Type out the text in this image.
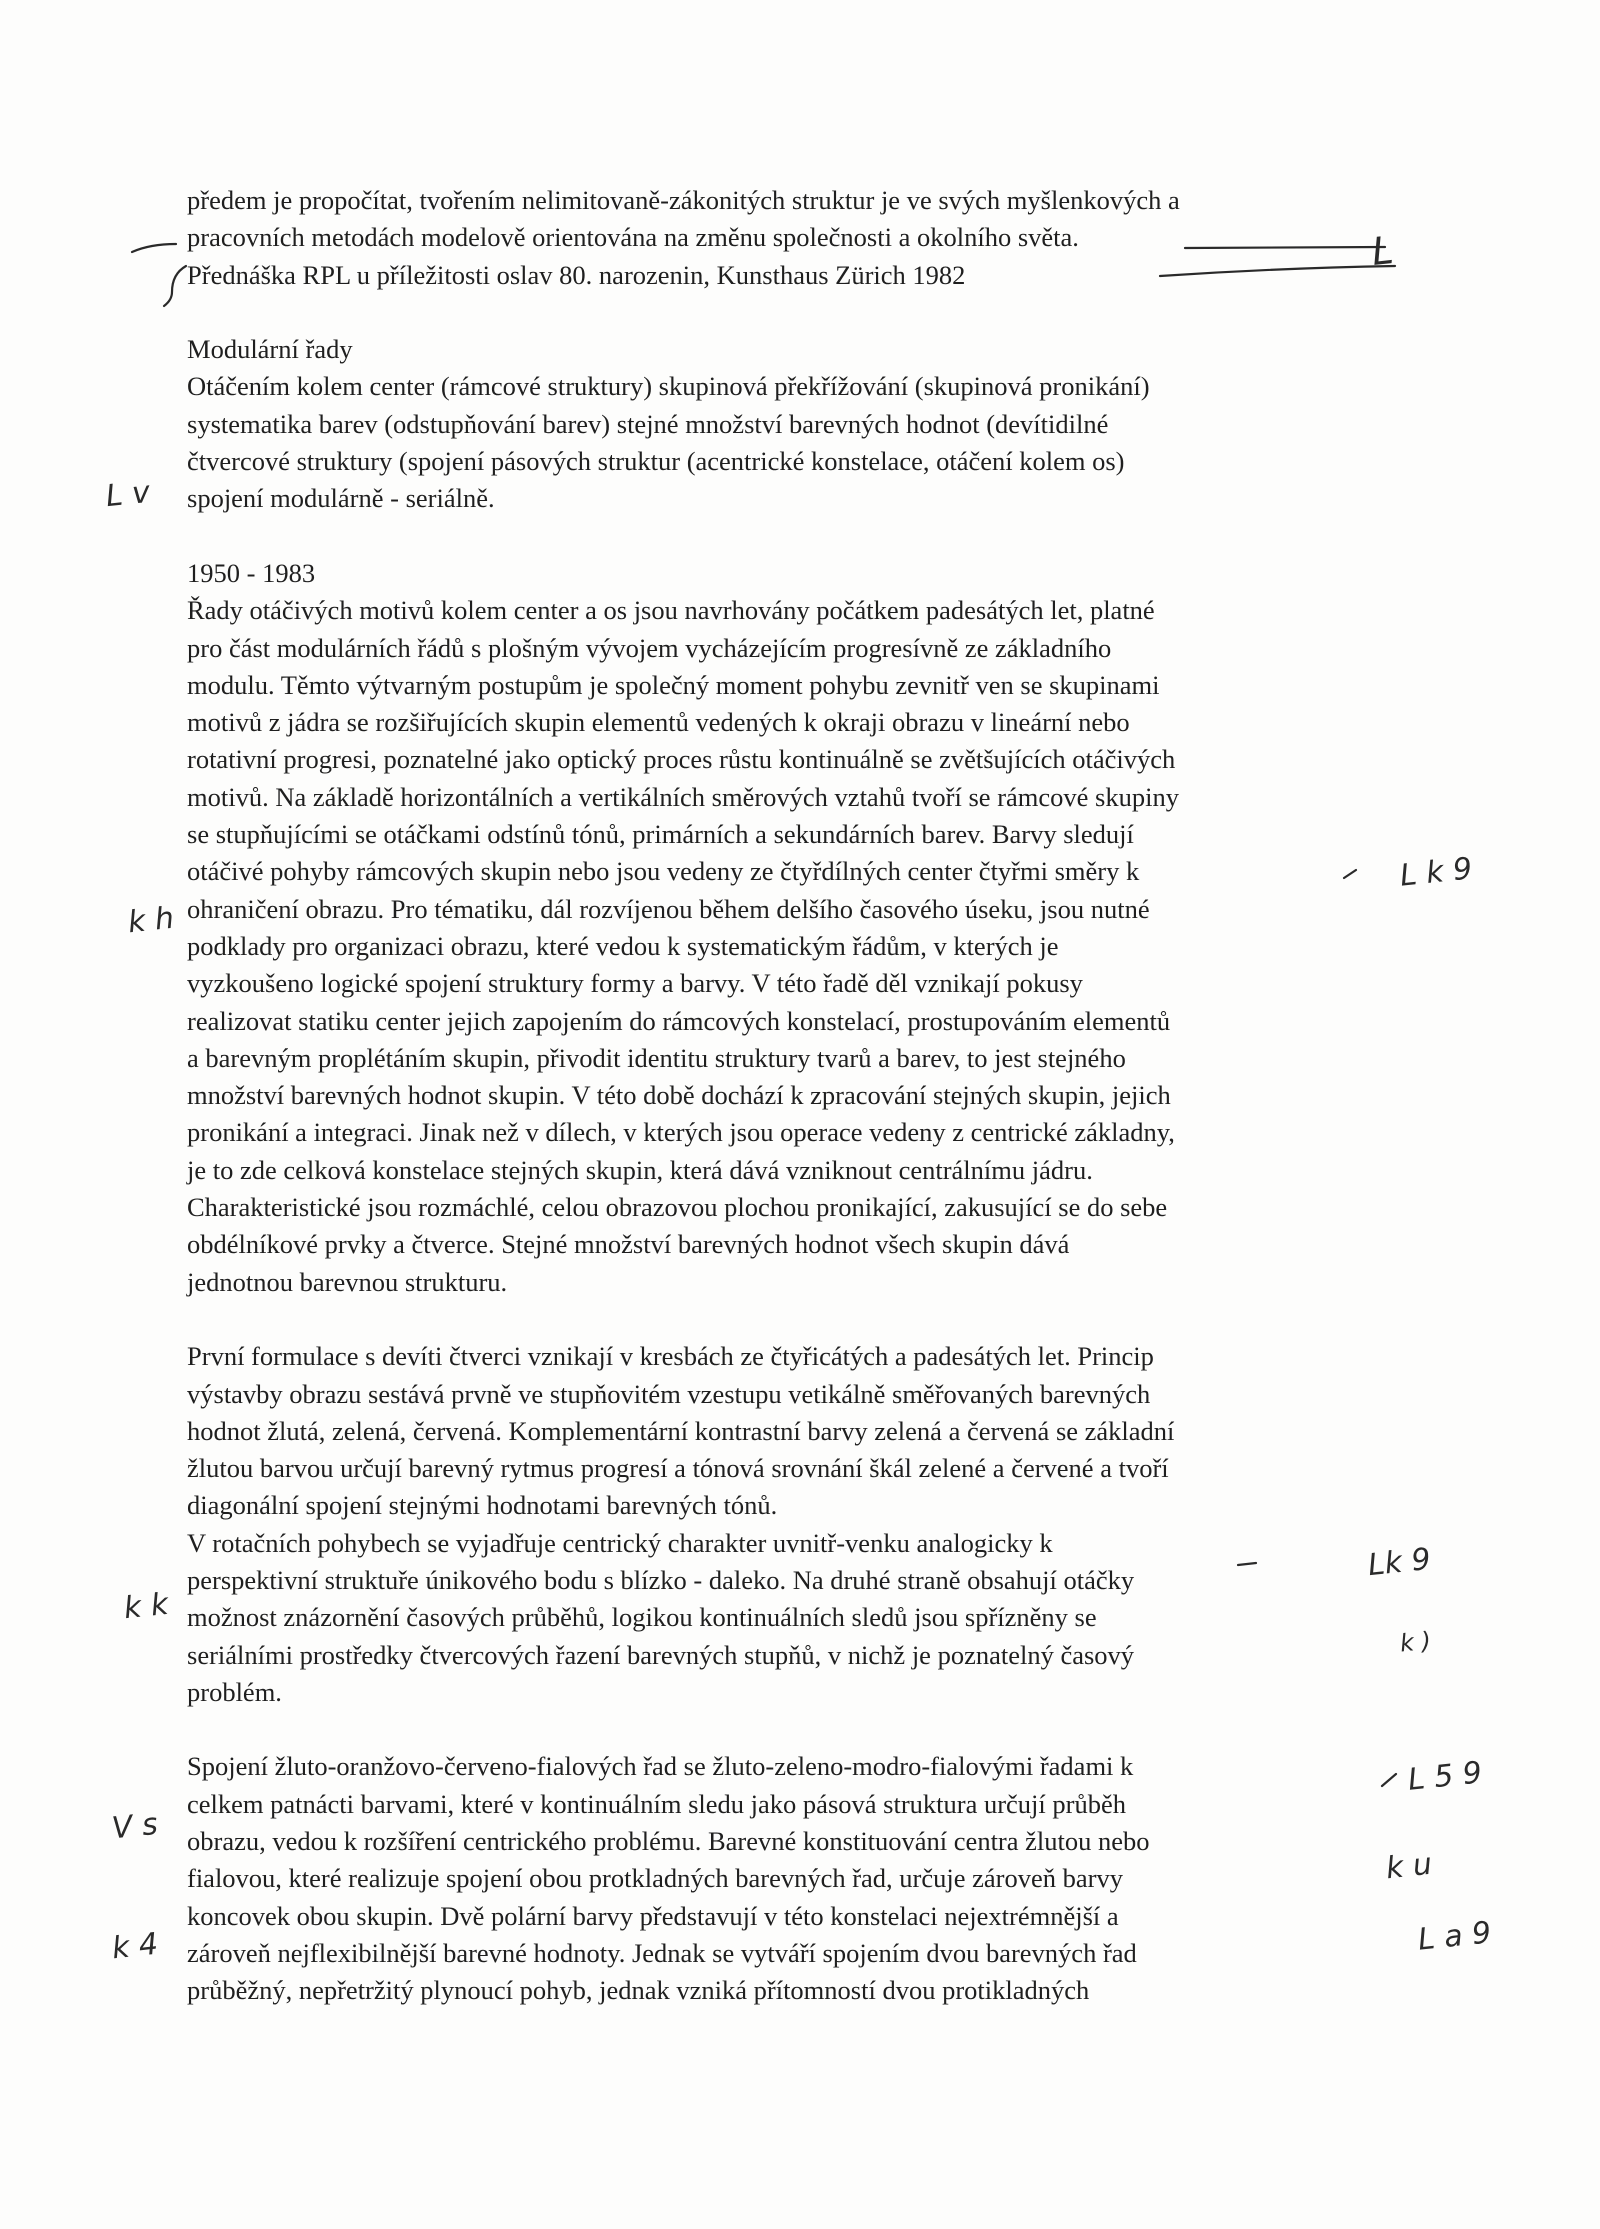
předem je propočítat, tvořením nelimitovaně-zákonitých struktur je ve svých myšlenkových a
pracovních metodách modelově orientována na změnu společnosti a okolního světa.
Přednáška RPL u příležitosti oslav 80. narozenin, Kunsthaus Zürich 1982

Modulární řady
Otáčením kolem center (rámcové struktury) skupinová překřížování (skupinová pronikání)
systematika barev (odstupňování barev) stejné množství barevných hodnot (devítidilné
čtvercové struktury (spojení pásových struktur (acentrické konstelace, otáčení kolem os)
spojení modulárně - seriálně.

1950 - 1983
Řady otáčivých motivů kolem center a os jsou navrhovány počátkem padesátých let, platné
pro část modulárních řádů s plošným vývojem vycházejícím progresívně ze základního
modulu. Těmto výtvarným postupům je společný moment pohybu zevnitř ven se skupinami
motivů z jádra se rozšiřujících skupin elementů vedených k okraji obrazu v lineární nebo
rotativní progresi, poznatelné jako optický proces růstu kontinuálně se zvětšujících otáčivých
motivů. Na základě horizontálních a vertikálních směrových vztahů tvoří se rámcové skupiny
se stupňujícími se otáčkami odstínů tónů, primárních a sekundárních barev. Barvy sledují
otáčivé pohyby rámcových skupin nebo jsou vedeny ze čtyřdílných center čtyřmi směry k
ohraničení obrazu. Pro tématiku, dál rozvíjenou během delšího časového úseku, jsou nutné
podklady pro organizaci obrazu, které vedou k systematickým řádům, v kterých je
vyzkoušeno logické spojení struktury formy a barvy. V této řadě děl vznikají pokusy
realizovat statiku center jejich zapojením do rámcových konstelací, prostupováním elementů
a barevným proplétáním skupin, přivodit identitu struktury tvarů a barev, to jest stejného
množství barevných hodnot skupin. V této době dochází k zpracování stejných skupin, jejich
pronikání a integraci. Jinak než v dílech, v kterých jsou operace vedeny z centrické základny,
je to zde celková konstelace stejných skupin, která dává vzniknout centrálnímu jádru.
Charakteristické jsou rozmáchlé, celou obrazovou plochou pronikající, zakusující se do sebe
obdélníkové prvky a čtverce. Stejné množství barevných hodnot všech skupin dává
jednotnou barevnou strukturu.

První formulace s devíti čtverci vznikají v kresbách ze čtyřicátých a padesátých let. Princip
výstavby obrazu sestává prvně ve stupňovitém vzestupu vetikálně směřovaných barevných
hodnot žlutá, zelená, červená. Komplementární kontrastní barvy zelená a červená se základní
žlutou barvou určují barevný rytmus progresí a tónová srovnání škál zelené a červené a tvoří
diagonální spojení stejnými hodnotami barevných tónů.
V rotačních pohybech se vyjadřuje centrický charakter uvnitř-venku analogicky k
perspektivní struktuře únikového bodu s blízko - daleko. Na druhé straně obsahují otáčky
možnost znázornění časových průběhů, logikou kontinuálních sledů jsou spřízněny se
seriálními prostředky čtvercových řazení barevných stupňů, v nichž je poznatelný časový
problém.

Spojení žluto-oranžovo-červeno-fialových řad se žluto-zeleno-modro-fialovými řadami k
celkem patnácti barvami, které v kontinuálním sledu jako pásová struktura určují průběh
obrazu, vedou k rozšíření centrického problému. Barevné konstituování centra žlutou nebo
fialovou, které realizuje spojení obou protkladných barevných řad, určuje zároveň barvy
koncovek obou skupin. Dvě polární barvy představují v této konstelaci nejextrémnější a
zároveň nejflexibilnější barevné hodnoty. Jednak se vytváří spojením dvou barevných řad
průběžný, nepřetržitý plynoucí pohyb, jednak vzniká přítomností dvou protikladných
L
L v
L k 9
k h
Lk 9
k k
k )
L 5 9
V s
k u
k 4	L a 9
